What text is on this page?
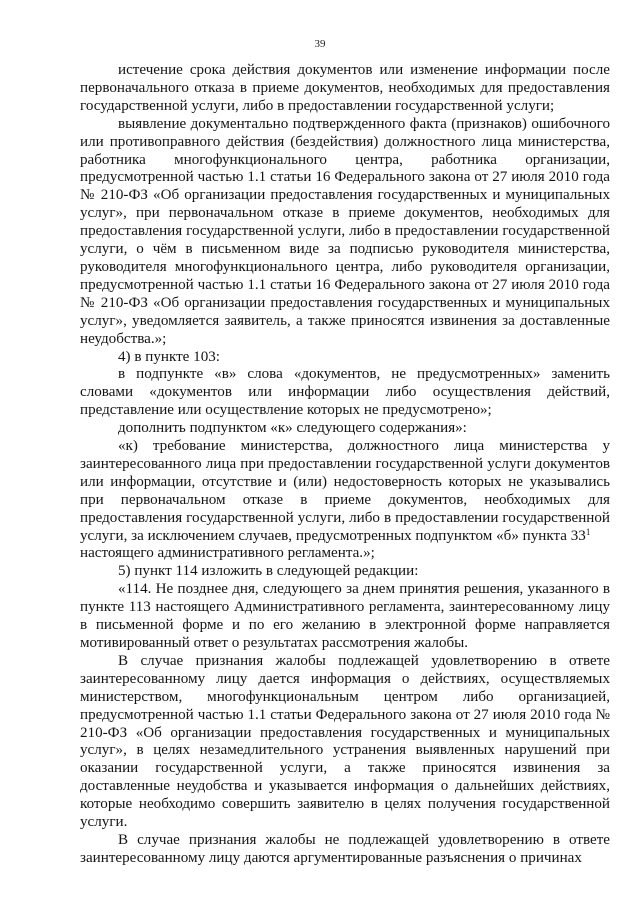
39

истечение срока действия документов или изменение информации после первоначального отказа в приеме документов, необходимых для предоставления государственной услуги, либо в предоставлении государственной услуги;

выявление документально подтвержденного факта (признаков) ошибочного или противоправного действия (бездействия) должностного лица министерства, работника многофункционального центра, работника организации, предусмотренной частью 1.1 статьи 16 Федерального закона от 27 июля 2010 года № 210-ФЗ «Об организации предоставления государственных и муниципальных услуг», при первоначальном отказе в приеме документов, необходимых для предоставления государственной услуги, либо в предоставлении государственной услуги, о чём в письменном виде за подписью руководителя министерства, руководителя многофункционального центра, либо руководителя организации, предусмотренной частью 1.1 статьи 16 Федерального закона от 27 июля 2010 года № 210-ФЗ «Об организации предоставления государственных и муниципальных услуг», уведомляется заявитель, а также приносятся извинения за доставленные неудобства.»;

4) в пункте 103:

в подпункте «в» слова «документов, не предусмотренных» заменить словами «документов или информации либо осуществления действий, представление или осуществление которых не предусмотрено»;

дополнить подпунктом «к» следующего содержания»:

«к) требование министерства, должностного лица министерства у заинтересованного лица при предоставлении государственной услуги документов или информации, отсутствие и (или) недостоверность которых не указывались при первоначальном отказе в приеме документов, необходимых для предоставления государственной услуги, либо в предоставлении государственной услуги, за исключением случаев, предусмотренных подпунктом «б» пункта $33^1$

настоящего административного регламента.»;

5) пункт 114 изложить в следующей редакции:

«114. Не позднее дня, следующего за днем принятия решения, указанного в пункте 113 настоящего Административного регламента, заинтересованному лицу в письменной форме и по его желанию в электронной форме направляется мотивированный ответ о результатах рассмотрения жалобы.

В случае признания жалобы подлежащей удовлетворению в ответе заинтересованному лицу дается информация о действиях, осуществляемых министерством, многофункциональным центром либо организацией, предусмотренной частью 1.1 статьи Федерального закона от 27 июля 2010 года № 210-ФЗ «Об организации предоставления государственных и муниципальных услуг», в целях незамедлительного устранения выявленных нарушений при оказании государственной услуги, а также приносятся извинения за доставленные неудобства и указывается информация о дальнейших действиях, которые необходимо совершить заявителю в целях получения государственной услуги.

В случае признания жалобы не подлежащей удовлетворению в ответе заинтересованному лицу даются аргументированные разъяснения о причинах
